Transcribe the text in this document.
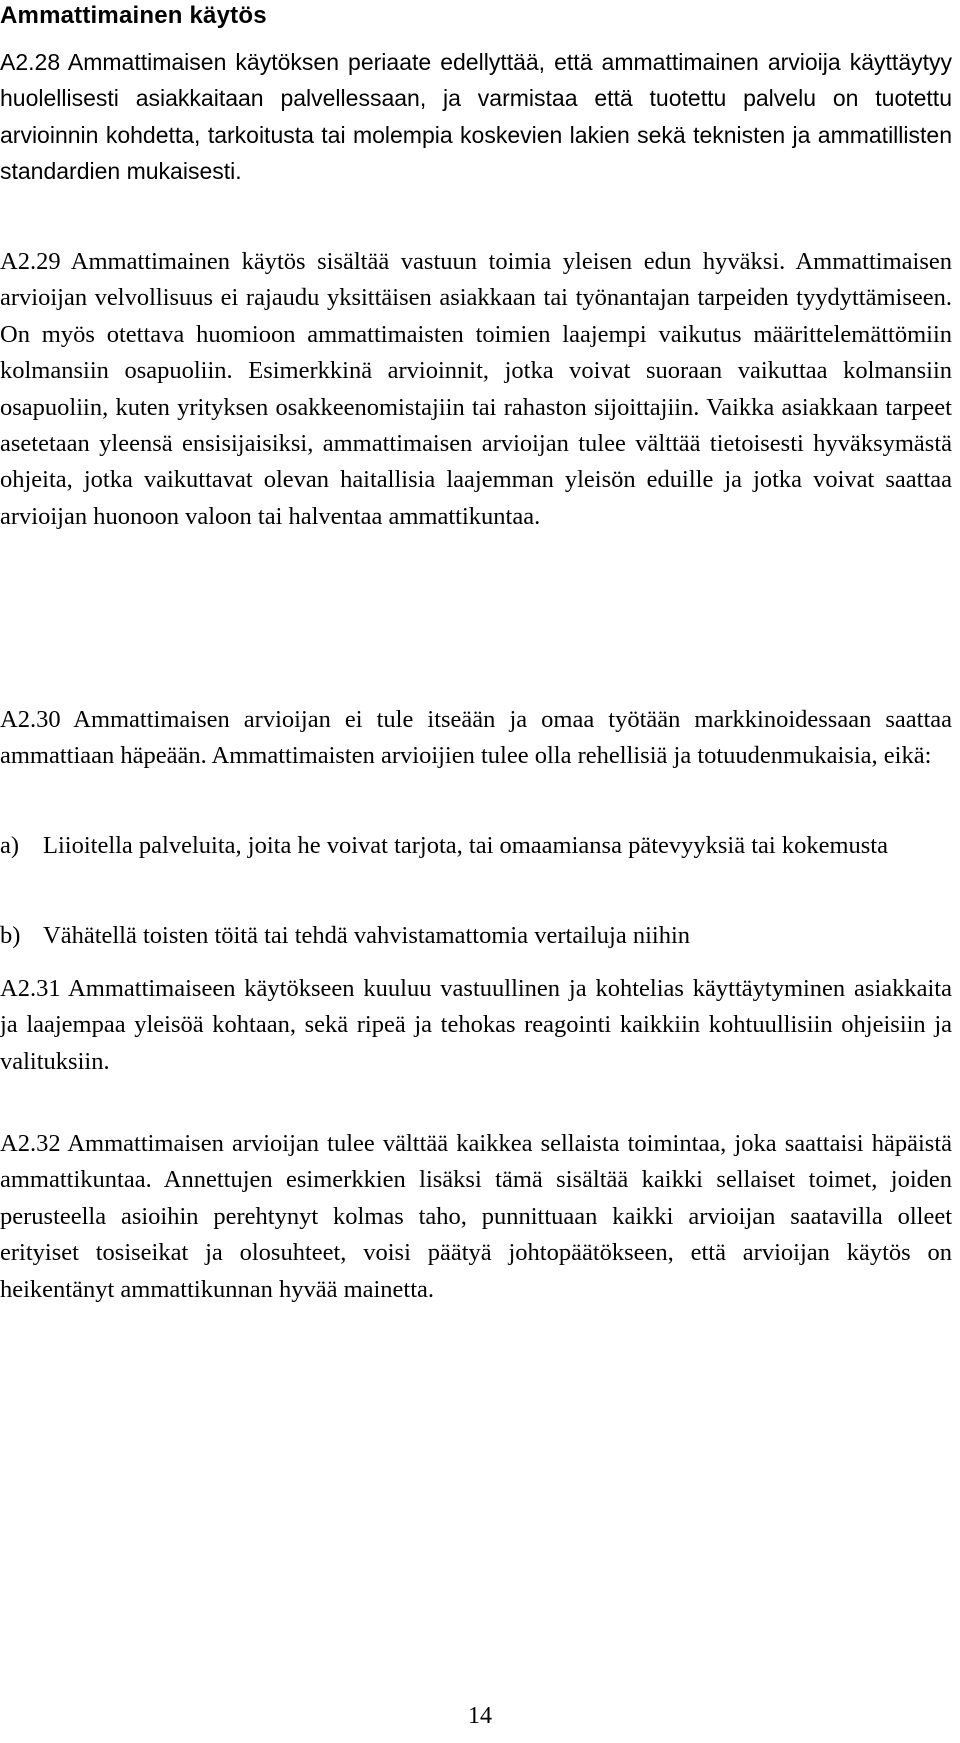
Ammattimainen käytös

A2.28 Ammattimaisen käytöksen periaate edellyttää, että ammattimainen arvioija käyttäytyy huolellisesti asiakkaitaan palvellessaan, ja varmistaa että tuotettu palvelu on tuotettu arvioinnin kohdetta, tarkoitusta tai molempia koskevien lakien sekä teknisten ja ammatillisten standardien mukaisesti.

A2.29 Ammattimainen käytös sisältää vastuun toimia yleisen edun hyväksi. Ammattimaisen arvioijan velvollisuus ei rajaudu yksittäisen asiakkaan tai työnantajan tarpeiden tyydyttämiseen. On myös otettava huomioon ammattimaisten toimien laajempi vaikutus määrittelemättömiin kolmansiin osapuoliin. Esimerkkinä arvioinnit, jotka voivat suoraan vaikuttaa kolmansiin osapuoliin, kuten yrityksen osakkeenomistajiin tai rahaston sijoittajiin. Vaikka asiakkaan tarpeet asetetaan yleensä ensisijaisiksi, ammattimaisen arvioijan tulee välttää tietoisesti hyväksymästä ohjeita, jotka vaikuttavat olevan haitallisia laajemman yleisön eduille ja jotka voivat saattaa arvioijan huonoon valoon tai halventaa ammattikuntaa.

A2.30 Ammattimaisen arvioijan ei tule itseään ja omaa työtään markkinoidessaan saattaa ammattiaan häpeään. Ammattimaisten arvioijien tulee olla rehellisiä ja totuudenmukaisia, eikä:

a) Liioitella palveluita, joita he voivat tarjota, tai omaamiansa pätevyyksiä tai kokemusta
b) Vähätellä toisten töitä tai tehdä vahvistamattomia vertailuja niihin

A2.31 Ammattimaiseen käytökseen kuuluu vastuullinen ja kohtelias käyttäytyminen asiakkaita ja laajempaa yleisöä kohtaan, sekä ripeä ja tehokas reagointi kaikkiin kohtuullisiin ohjeisiin ja valituksiin.

A2.32 Ammattimaisen arvioijan tulee välttää kaikkea sellaista toimintaa, joka saattaisi häpäistä ammattikuntaa. Annettujen esimerkkien lisäksi tämä sisältää kaikki sellaiset toimet, joiden perusteella asioihin perehtynyt kolmas taho, punnittuaan kaikki arvioijan saatavilla olleet erityiset tosiseikat ja olosuhteet, voisi päätyä johtopäätökseen, että arvioijan käytös on heikentänyt ammattikunnan hyvää mainetta.

14
